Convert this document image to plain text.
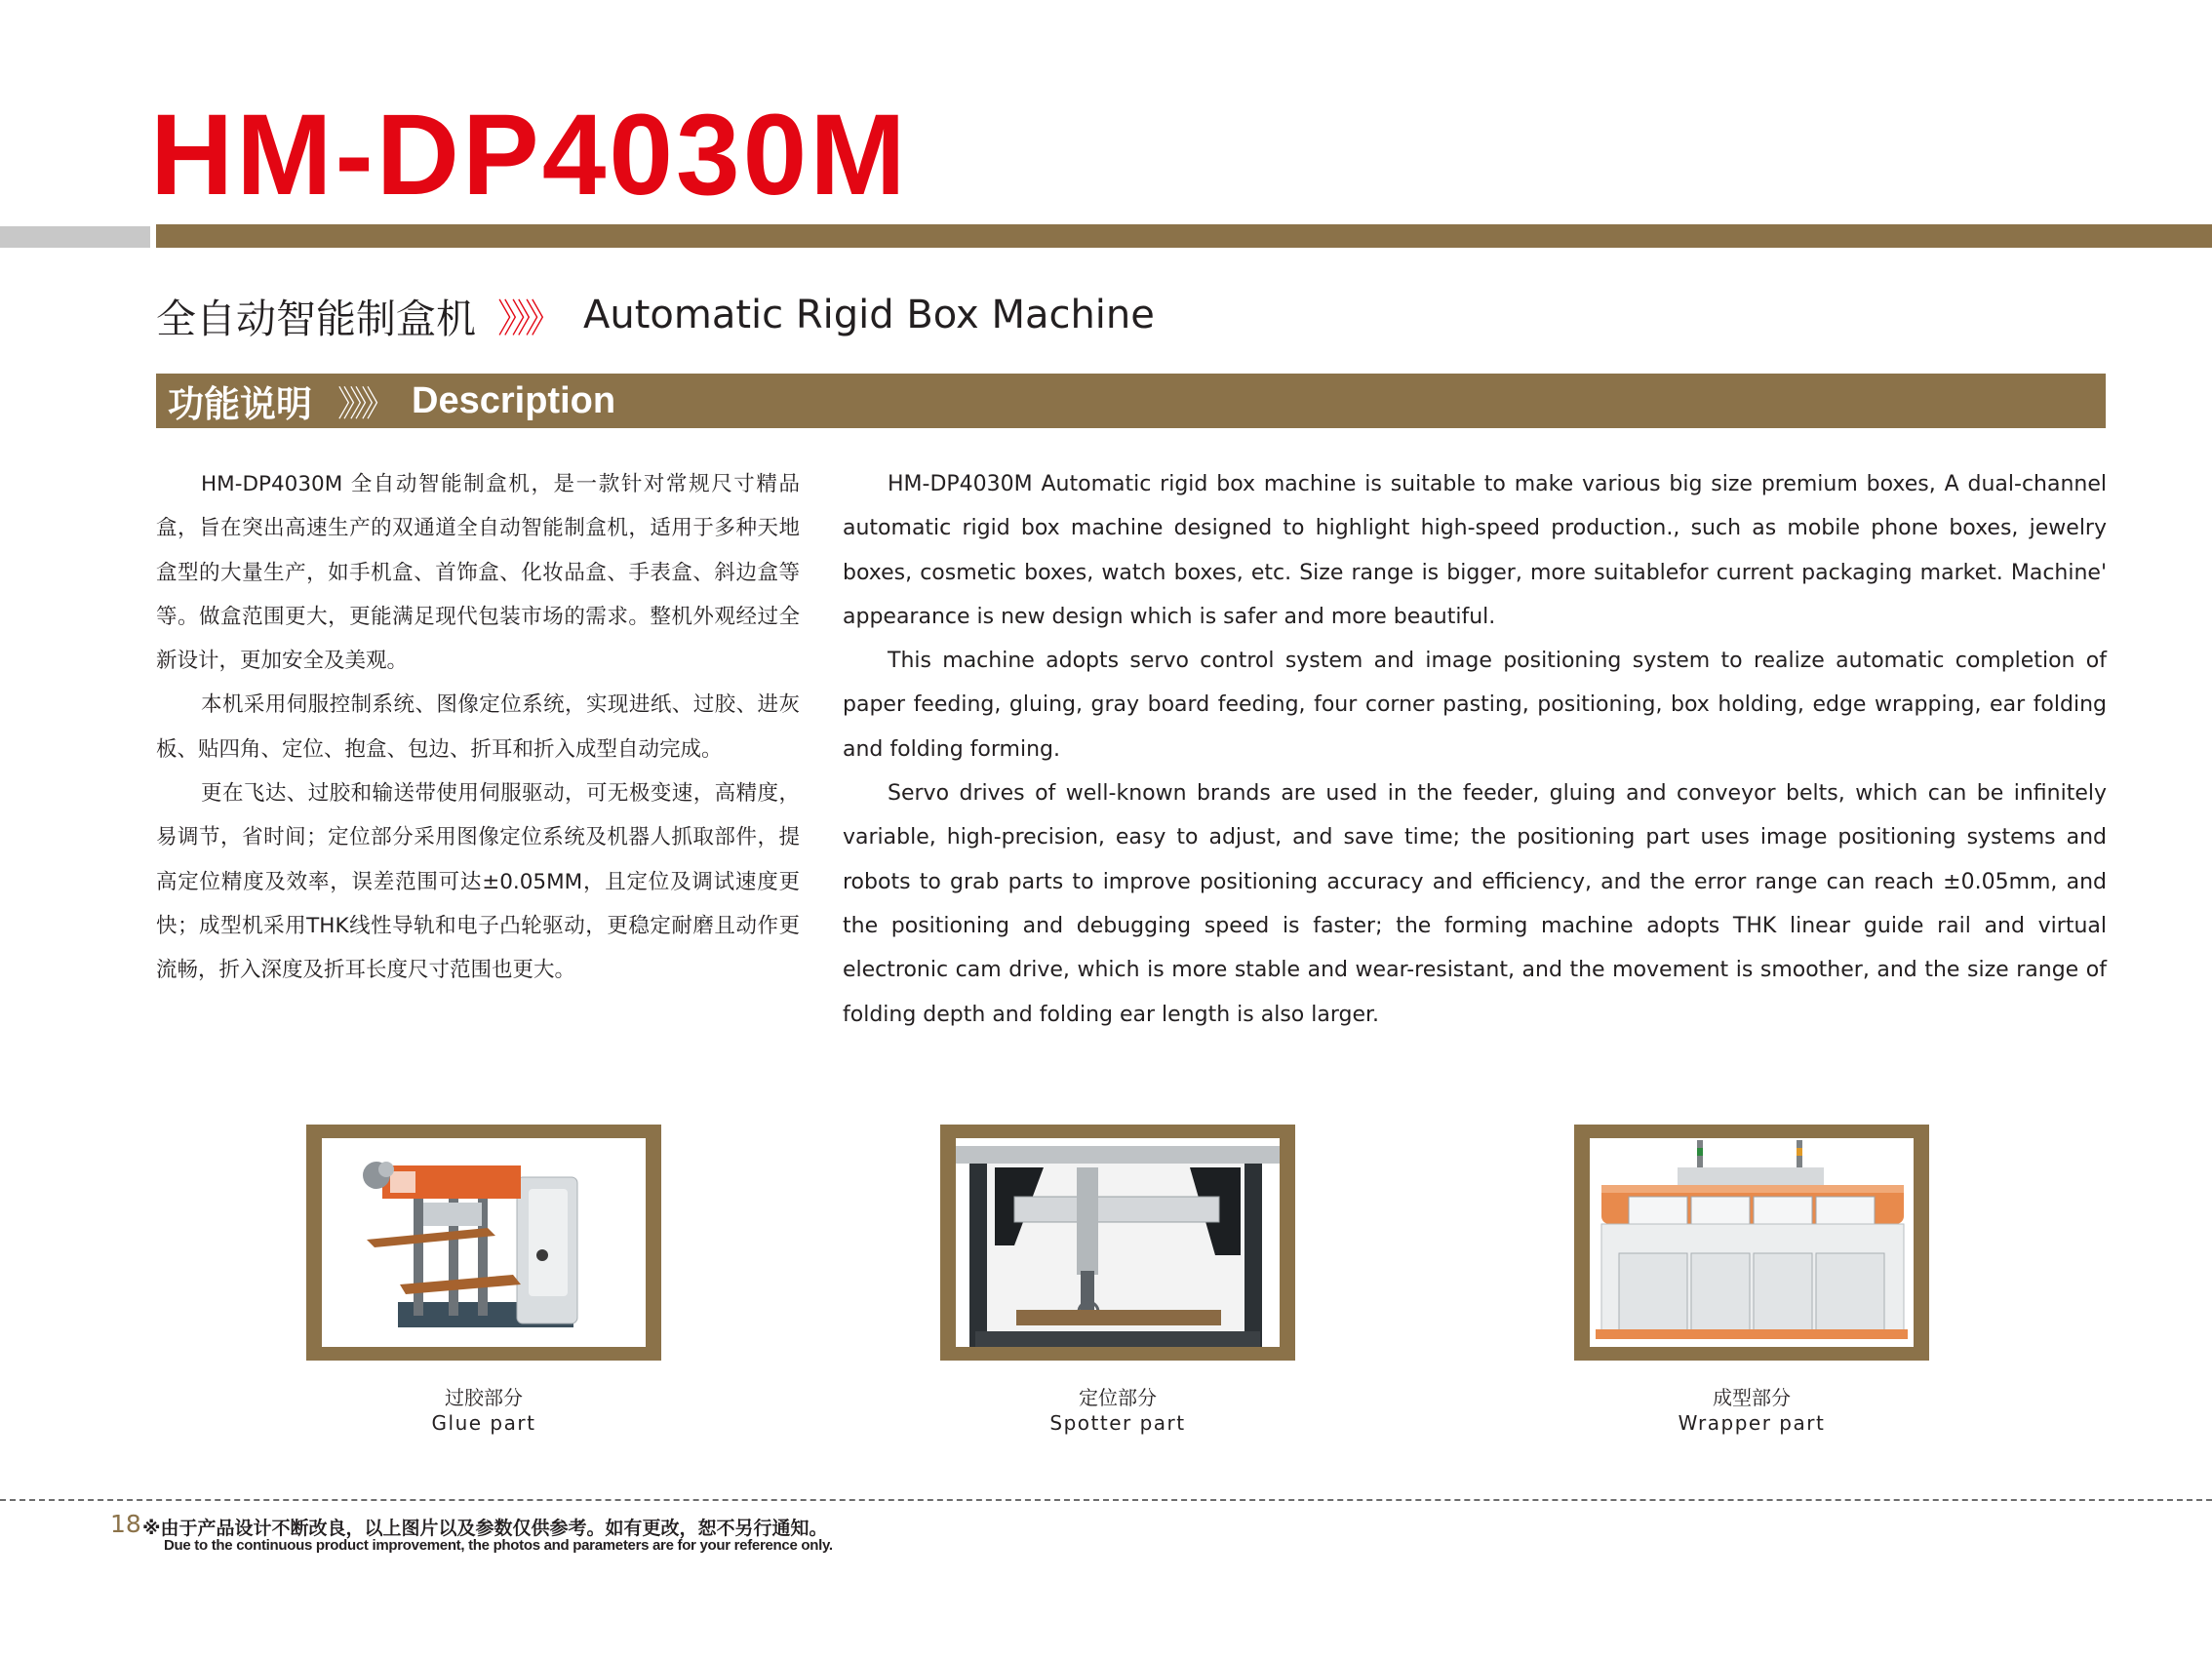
HM-DP4030M
全自动智能制盒机 》》》 Automatic Rigid Box Machine
功能说明 》》》 Description

HM-DP4030M 全自动智能制盒机，是一款针对常规尺寸精品盒，旨在突出高速生产的双通道全自动智能制盒机，适用于多种天地盒型的大量生产，如手机盒、首饰盒、化妆品盒、手表盒、斜边盒等等。做盒范围更大，更能满足现代包装市场的需求。整机外观经过全新设计，更加安全及美观。

本机采用伺服控制系统、图像定位系统，实现进纸、过胶、进灰板、贴四角、定位、抱盒、包边、折耳和折入成型自动完成。

更在飞达、过胶和输送带使用伺服驱动，可无极变速，高精度，易调节，省时间；定位部分采用图像定位系统及机器人抓取部件，提高定位精度及效率，误差范围可达±0.05MM，且定位及调试速度更快；成型机采用THK线性导轨和电子凸轮驱动，更稳定耐磨且动作更流畅，折入深度及折耳长度尺寸范围也更大。

HM-DP4030M Automatic rigid box machine is suitable to make various big size premium boxes, A dual-channel automatic rigid box machine designed to highlight high-speed production., such as mobile phone boxes, jewelry boxes, cosmetic boxes, watch boxes, etc. Size range is bigger, more suitablefor current packaging market. Machine' appearance is new design which is safer and more beautiful.

This machine adopts servo control system and image positioning system to realize automatic completion of paper feeding, gluing, gray board feeding, four corner pasting, positioning, box holding, edge wrapping, ear folding and folding forming.

Servo drives of well-known brands are used in the feeder, gluing and conveyor belts, which can be infinitely variable, high-precision, easy to adjust, and save time; the positioning part uses image positioning systems and robots to grab parts to improve positioning accuracy and efficiency, and the error range can reach ±0.05mm, and the positioning and debugging speed is faster; the forming machine adopts THK linear guide rail and virtual electronic cam drive, which is more stable and wear-resistant, and the movement is smoother, and the size range of folding depth and folding ear length is also larger.

过胶部分
Glue part
定位部分
Spotter part
成型部分
Wrapper part
18 ※由于产品设计不断改良，以上图片以及参数仅供参考。如有更改，恕不另行通知。
Due to the continuous product improvement, the photos and parameters are for your reference only.
